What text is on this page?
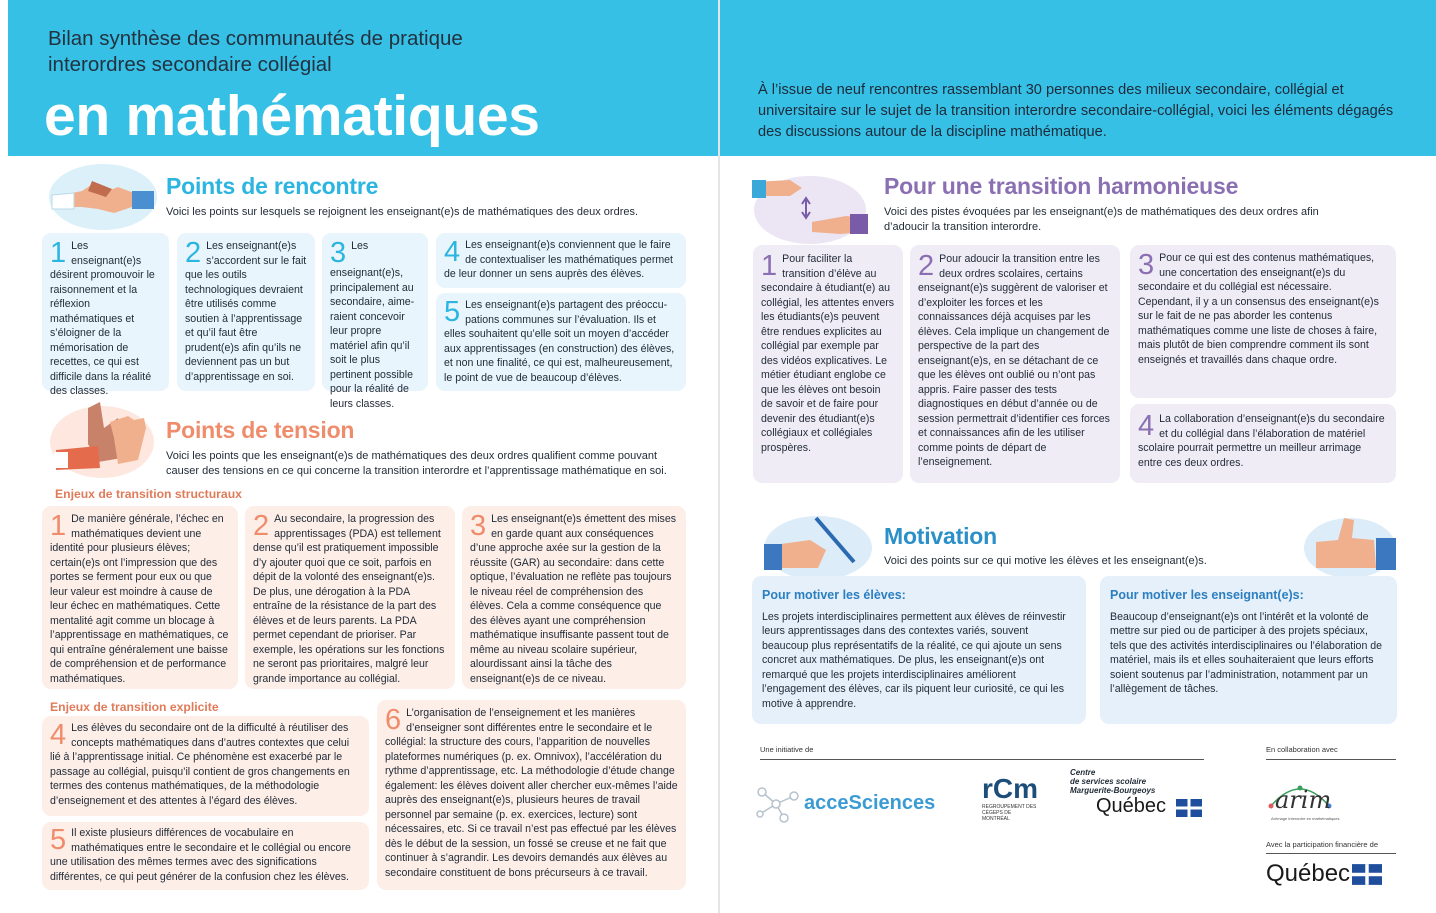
Bilan synthèse des communautés de pratique
interordres secondaire collégial
en mathématiques
Points de rencontre
Voici les points sur lesquels se rejoignent les enseignant(e)s de mathématiques des deux ordres.
1 Les enseignant(e)s désirent promouvoir le raisonnement et la réflexion mathématiques et s’éloigner de la mémorisation de recettes, ce qui est difficile dans la réalité des classes.
2 Les enseignant(e)s s’accordent sur le fait que les outils technologiques devraient être utilisés comme soutien à l’apprentissage et qu’il faut être prudent(e)s afin qu’ils ne deviennent pas un but d’apprentissage en soi.
3 Les enseignant(e)s, principalement au secondaire, aime-raient concevoir leur propre matériel afin qu’il soit le plus pertinent possible pour la réalité de leurs classes.
4 Les enseignant(e)s conviennent que le faire de contextualiser les mathématiques permet de leur donner un sens auprès des élèves.
5 Les enseignant(e)s partagent des préoccu-pations communes sur l’évaluation. Ils et elles souhaitent qu’elle soit un moyen d’accéder aux apprentissages (en construction) des élèves, et non une finalité, ce qui est, malheureusement, le point de vue de beaucoup d’élèves.
Points de tension
Voici les points que les enseignant(e)s de mathématiques des deux ordres qualifient comme pouvant causer des tensions en ce qui concerne la transition interordre et l’apprentissage mathématique en soi.
Enjeux de transition structuraux
1 De manière générale, l’échec en mathématiques devient une identité pour plusieurs élèves; certain(e)s ont l’impression que des portes se ferment pour eux ou que leur valeur est moindre à cause de leur échec en mathématiques. Cette mentalité agit comme un blocage à l’apprentissage en mathématiques, ce qui entraîne généralement une baisse de compréhension et de performance mathématiques.
2 Au secondaire, la progression des apprentissages (PDA) est tellement dense qu’il est pratiquement impossible d’y ajouter quoi que ce soit, parfois en dépit de la volonté des enseignant(e)s. De plus, une dérogation à la PDA entraîne de la résistance de la part des élèves et de leurs parents. La PDA permet cependant de prioriser. Par exemple, les opérations sur les fonctions ne seront pas prioritaires, malgré leur grande importance au collégial.
3 Les enseignant(e)s émettent des mises en garde quant aux conséquences d’une approche axée sur la gestion de la réussite (GAR) au secondaire: dans cette optique, l’évaluation ne reflète pas toujours le niveau réel de compréhension des élèves. Cela a comme conséquence que des élèves ayant une compréhension mathématique insuffisante passent tout de même au niveau scolaire supérieur, alourdissant ainsi la tâche des enseignant(e)s de ce niveau.
Enjeux de transition explicite
4 Les élèves du secondaire ont de la difficulté à réutiliser des concepts mathématiques dans d’autres contextes que celui lié à l’apprentissage initial. Ce phénomène est exacerbé par le passage au collégial, puisqu’il contient de gros changements en termes des contenus mathématiques, de la méthodologie d’enseignement et des attentes à l’égard des élèves.
5 Il existe plusieurs différences de vocabulaire en mathématiques entre le secondaire et le collégial ou encore une utilisation des mêmes termes avec des significations différentes, ce qui peut générer de la confusion chez les élèves.
6 L’organisation de l’enseignement et les manières d’enseigner sont différentes entre le secondaire et le collégial: la structure des cours, l’apparition de nouvelles plateformes numériques (p. ex. Omnivox), l’accélération du rythme d’apprentissage, etc. La méthodologie d’étude change également: les élèves doivent aller chercher eux-mêmes l’aide auprès des enseignant(e)s, plusieurs heures de travail personnel par semaine (p. ex. exercices, lecture) sont nécessaires, etc. Si ce travail n’est pas effectué par les élèves dès le début de la session, un fossé se creuse et ne fait que continuer à s’agrandir. Les devoirs demandés aux élèves au secondaire constituent de bons précurseurs à ce travail.
À l’issue de neuf rencontres rassemblant 30 personnes des milieux secondaire, collégial et universitaire sur le sujet de la transition interordre secondaire-collégial, voici les éléments dégagés des discussions autour de la discipline mathématique.
Pour une transition harmonieuse
Voici des pistes évoquées par les enseignant(e)s de mathématiques des deux ordres afin d’adoucir la transition interordre.
1 Pour faciliter la transition d’élève au secondaire à étudiant(e) au collégial, les attentes envers les étudiants(e)s peuvent être rendues explicites au collégial par exemple par des vidéos explicatives. Le métier étudiant englobe ce que les élèves ont besoin de savoir et de faire pour devenir des étudiant(e)s collégiaux et collégiales prospères.
2 Pour adoucir la transition entre les deux ordres scolaires, certains enseignant(e)s suggèrent de valoriser et d’exploiter les forces et les connaissances déjà acquises par les élèves. Cela implique un changement de perspective de la part des enseignant(e)s, en se détachant de ce que les élèves ont oublié ou n’ont pas appris. Faire passer des tests diagnostiques en début d’année ou de session permettrait d’identifier ces forces et connaissances afin de les utiliser comme points de départ de l’enseignement.
3 Pour ce qui est des contenus mathématiques, une concertation des enseignant(e)s du secondaire et du collégial est nécessaire. Cependant, il y a un consensus des enseignant(e)s sur le fait de ne pas aborder les contenus mathématiques comme une liste de choses à faire, mais plutôt de bien comprendre comment ils sont enseignés et travaillés dans chaque ordre.
4 La collaboration d’enseignant(e)s du secondaire et du collégial dans l’élaboration de matériel scolaire pourrait permettre un meilleur arrimage entre ces deux ordres.
Motivation
Voici des points sur ce qui motive les élèves et les enseignant(e)s.
Pour motiver les élèves:
Les projets interdisciplinaires permettent aux élèves de réinvestir leurs apprentissages dans des contextes variés, souvent beaucoup plus représentatifs de la réalité, ce qui ajoute un sens concret aux mathématiques. De plus, les enseignant(e)s ont remarqué que les projets interdisciplinaires améliorent l’engagement des élèves, car ils piquent leur curiosité, ce qui les motive à apprendre.
Pour motiver les enseignant(e)s:
Beaucoup d’enseignant(e)s ont l’intérêt et la volonté de mettre sur pied ou de participer à des projets spéciaux, tels que des activités interdisciplinaires ou l’élaboration de matériel, mais ils et elles souhaiteraient que leurs efforts soient soutenus par l’administration, notamment par un l’allègement de tâches.
Une initiative de	En collaboration avec
acceSciences rCm
REGROUPEMENT DES CÉGEPS DE MONTRÉAL
Centre
de services scolaire
Marguerite-Bourgeoys
Québec	arim
Arrimage interordre en mathématiques
Avec la participation financière de
Québec
